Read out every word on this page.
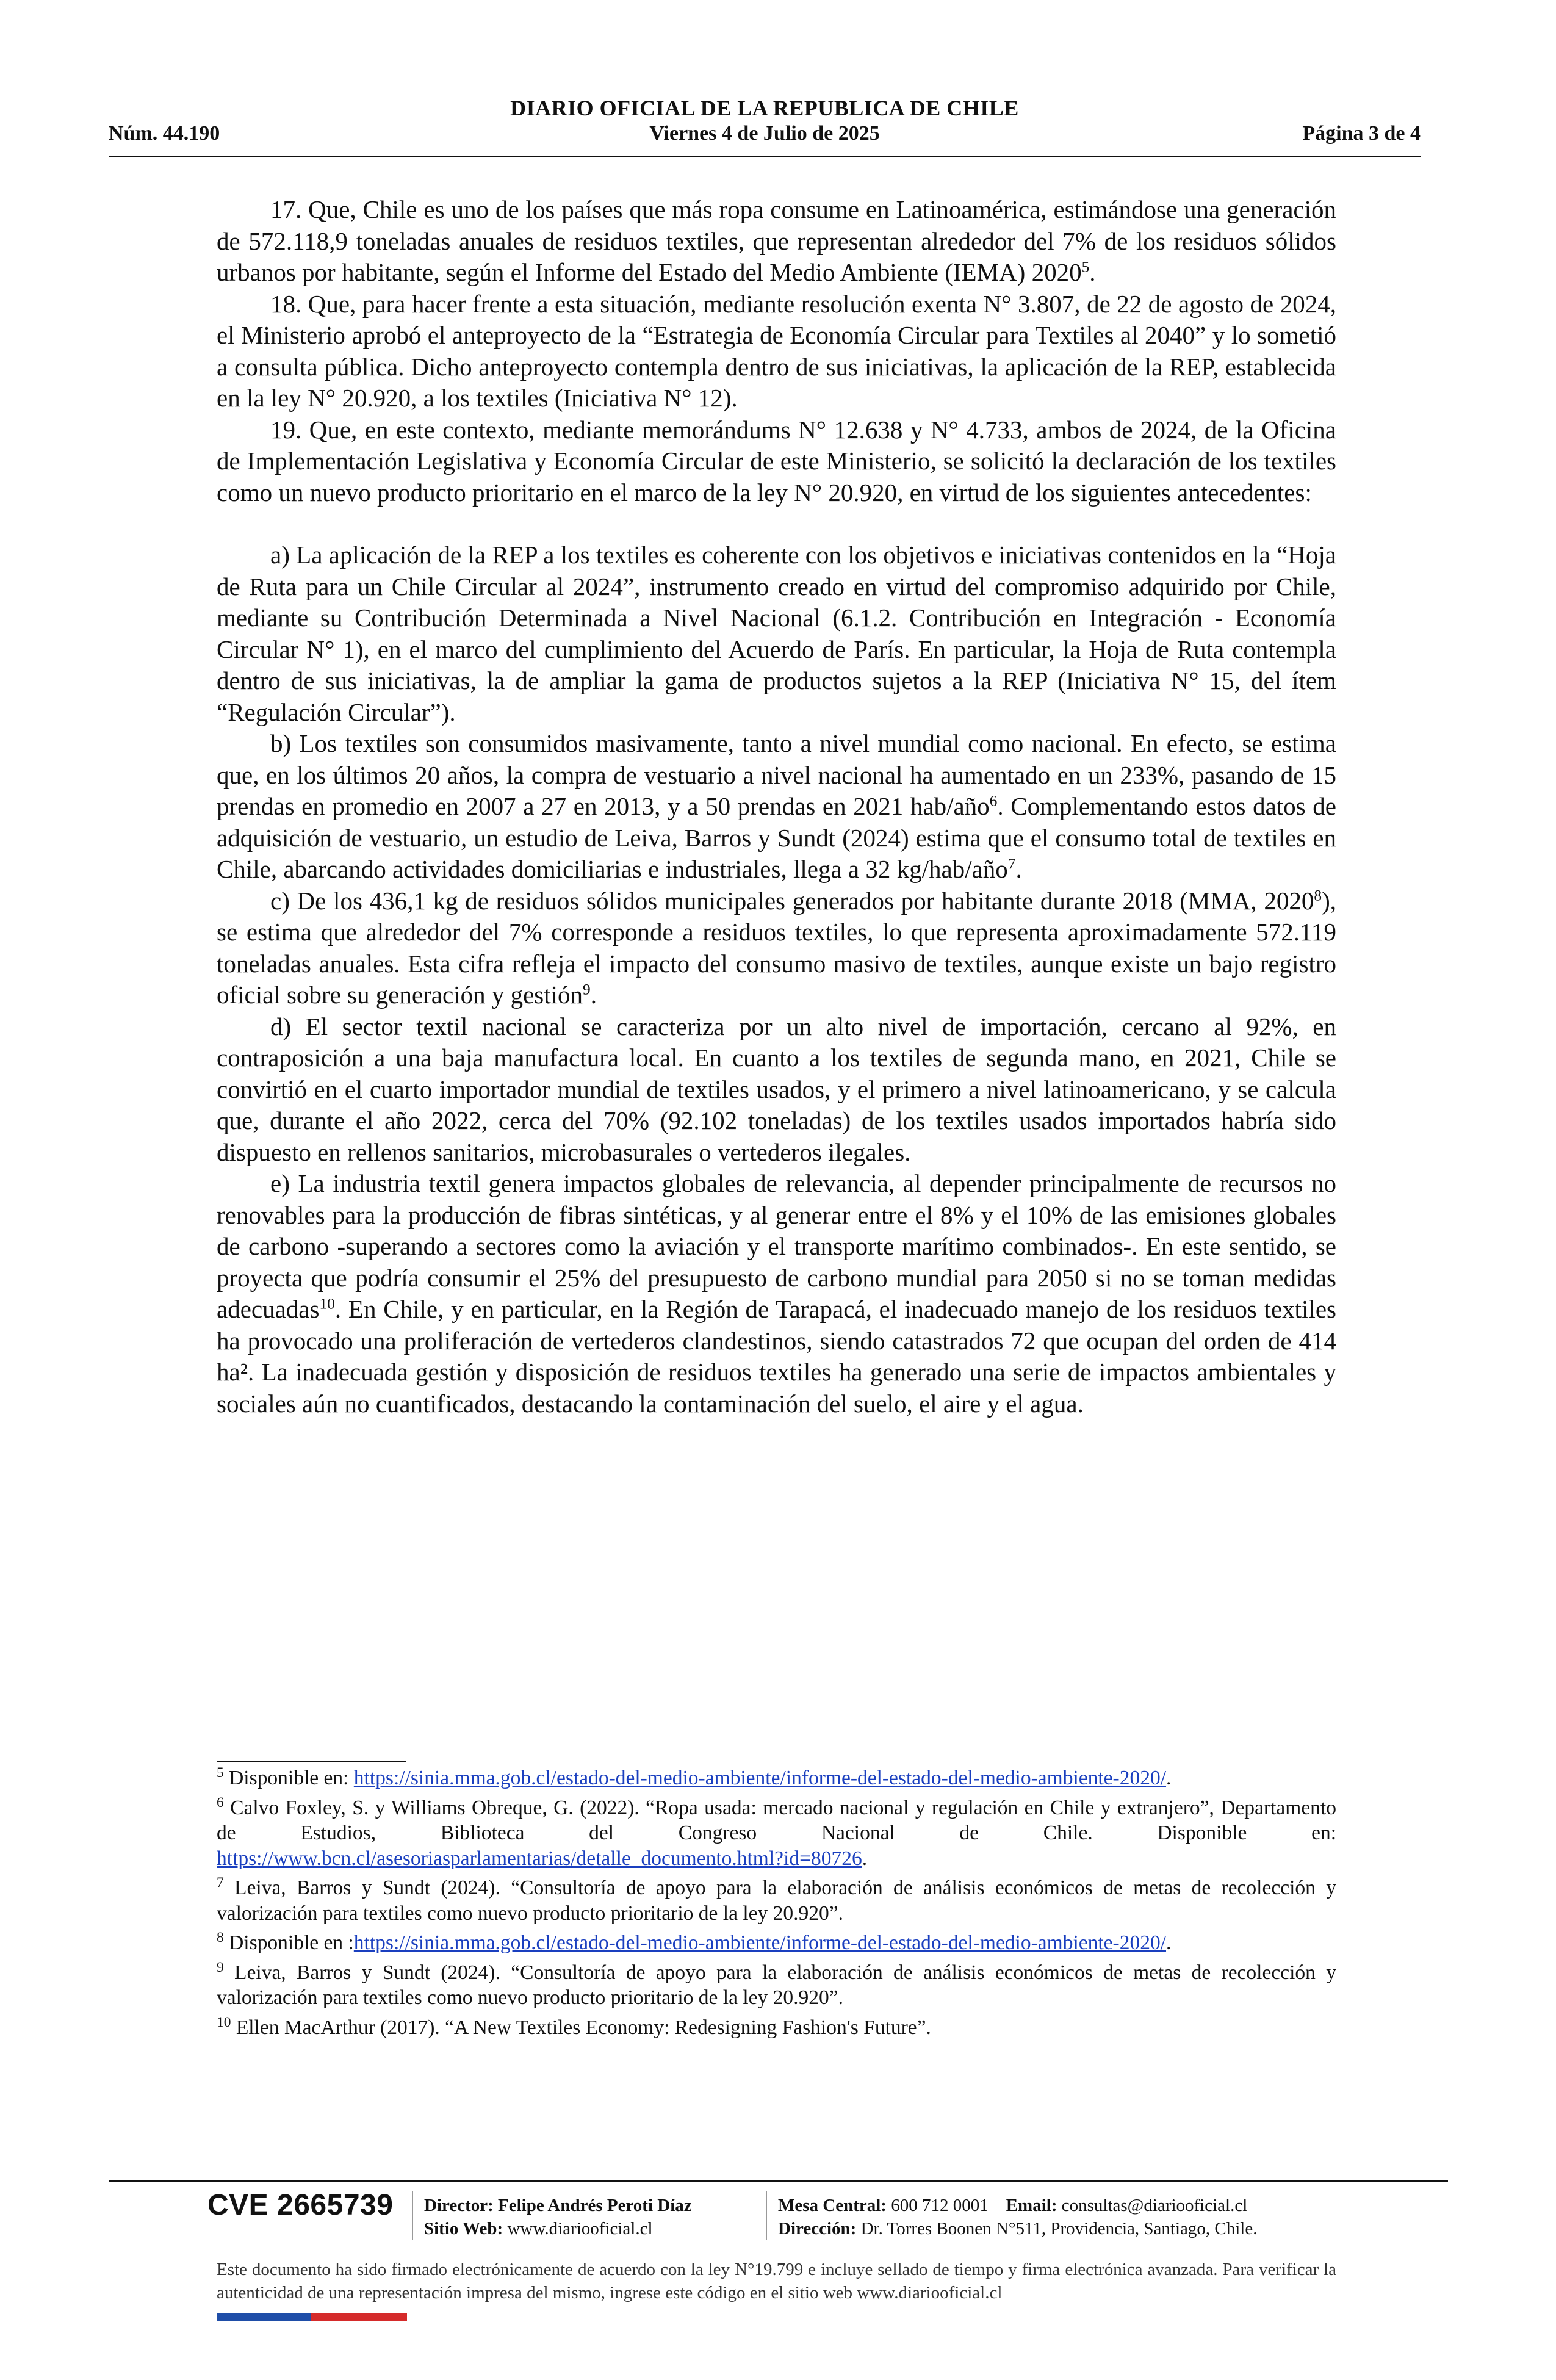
DIARIO OFICIAL DE LA REPUBLICA DE CHILE
Núm. 44.190	Viernes 4 de Julio de 2025	Página 3 de 4

17. Que, Chile es uno de los países que más ropa consume en Latinoamérica, estimándose una generación de 572.118,9 toneladas anuales de residuos textiles, que representan alrededor del 7% de los residuos sólidos urbanos por habitante, según el Informe del Estado del Medio Ambiente (IEMA) 2020$^5$.

18. Que, para hacer frente a esta situación, mediante resolución exenta N° 3.807, de 22 de agosto de 2024, el Ministerio aprobó el anteproyecto de la “Estrategia de Economía Circular para Textiles al 2040” y lo sometió a consulta pública. Dicho anteproyecto contempla dentro de sus iniciativas, la aplicación de la REP, establecida en la ley N° 20.920, a los textiles (Iniciativa N° 12).

19. Que, en este contexto, mediante memorándums N° 12.638 y N° 4.733, ambos de 2024, de la Oficina de Implementación Legislativa y Economía Circular de este Ministerio, se solicitó la declaración de los textiles como un nuevo producto prioritario en el marco de la ley N° 20.920, en virtud de los siguientes antecedentes:

a) La aplicación de la REP a los textiles es coherente con los objetivos e iniciativas contenidos en la “Hoja de Ruta para un Chile Circular al 2024”, instrumento creado en virtud del compromiso adquirido por Chile, mediante su Contribución Determinada a Nivel Nacional (6.1.2. Contribución en Integración - Economía Circular N° 1), en el marco del cumplimiento del Acuerdo de París. En particular, la Hoja de Ruta contempla dentro de sus iniciativas, la de ampliar la gama de productos sujetos a la REP (Iniciativa N° 15, del ítem “Regulación Circular”).

b) Los textiles son consumidos masivamente, tanto a nivel mundial como nacional. En efecto, se estima que, en los últimos 20 años, la compra de vestuario a nivel nacional ha aumentado en un 233%, pasando de 15 prendas en promedio en 2007 a 27 en 2013, y a 50 prendas en 2021 hab/año$^6$. Complementando estos datos de adquisición de vestuario, un estudio de Leiva, Barros y Sundt (2024) estima que el consumo total de textiles en Chile, abarcando actividades domiciliarias e industriales, llega a 32 kg/hab/año$^7$.

c) De los 436,1 kg de residuos sólidos municipales generados por habitante durante 2018 (MMA, 2020$^8$), se estima que alrededor del 7% corresponde a residuos textiles, lo que representa aproximadamente 572.119 toneladas anuales. Esta cifra refleja el impacto del consumo masivo de textiles, aunque existe un bajo registro oficial sobre su generación y gestión$^9$.

d) El sector textil nacional se caracteriza por un alto nivel de importación, cercano al 92%, en contraposición a una baja manufactura local. En cuanto a los textiles de segunda mano, en 2021, Chile se convirtió en el cuarto importador mundial de textiles usados, y el primero a nivel latinoamericano, y se calcula que, durante el año 2022, cerca del 70% (92.102 toneladas) de los textiles usados importados habría sido dispuesto en rellenos sanitarios, microbasurales o vertederos ilegales.

e) La industria textil genera impactos globales de relevancia, al depender principalmente de recursos no renovables para la producción de fibras sintéticas, y al generar entre el 8% y el 10% de las emisiones globales de carbono -superando a sectores como la aviación y el transporte marítimo combinados-. En este sentido, se proyecta que podría consumir el 25% del presupuesto de carbono mundial para 2050 si no se toman medidas adecuadas$^{10}$. En Chile, y en particular, en la Región de Tarapacá, el inadecuado manejo de los residuos textiles ha provocado una proliferación de vertederos clandestinos, siendo catastrados 72 que ocupan del orden de 414 ha². La inadecuada gestión y disposición de residuos textiles ha generado una serie de impactos ambientales y sociales aún no cuantificados, destacando la contaminación del suelo, el aire y el agua.

$^5$ Disponible en: https://sinia.mma.gob.cl/estado-del-medio-ambiente/informe-del-estado-del-medio-ambiente-2020/.
$^6$ Calvo Foxley, S. y Williams Obreque, G. (2022). “Ropa usada: mercado nacional y regulación en Chile y extranjero”, Departamento de Estudios, Biblioteca del Congreso Nacional de Chile. Disponible en: https://www.bcn.cl/asesoriasparlamentarias/detalle_documento.html?id=80726.
$^7$ Leiva, Barros y Sundt (2024). “Consultoría de apoyo para la elaboración de análisis económicos de metas de recolección y valorización para textiles como nuevo producto prioritario de la ley 20.920”.
$^8$ Disponible en :https://sinia.mma.gob.cl/estado-del-medio-ambiente/informe-del-estado-del-medio-ambiente-2020/.
$^9$ Leiva, Barros y Sundt (2024). “Consultoría de apoyo para la elaboración de análisis económicos de metas de recolección y valorización para textiles como nuevo producto prioritario de la ley 20.920”.
$^{10}$ Ellen MacArthur (2017). “A New Textiles Economy: Redesigning Fashion's Future”.
CVE 2665739 Director: Felipe Andrés Peroti Díaz
Sitio Web: www.diariooficial.cl
Mesa Central: 600 712 0001 Email: consultas@diariooficial.cl
Dirección: Dr. Torres Boonen N°511, Providencia, Santiago, Chile.
Este documento ha sido firmado electrónicamente de acuerdo con la ley N°19.799 e incluye sellado de tiempo y firma electrónica avanzada. Para verificar la autenticidad de una representación impresa del mismo, ingrese este código en el sitio web www.diariooficial.cl
